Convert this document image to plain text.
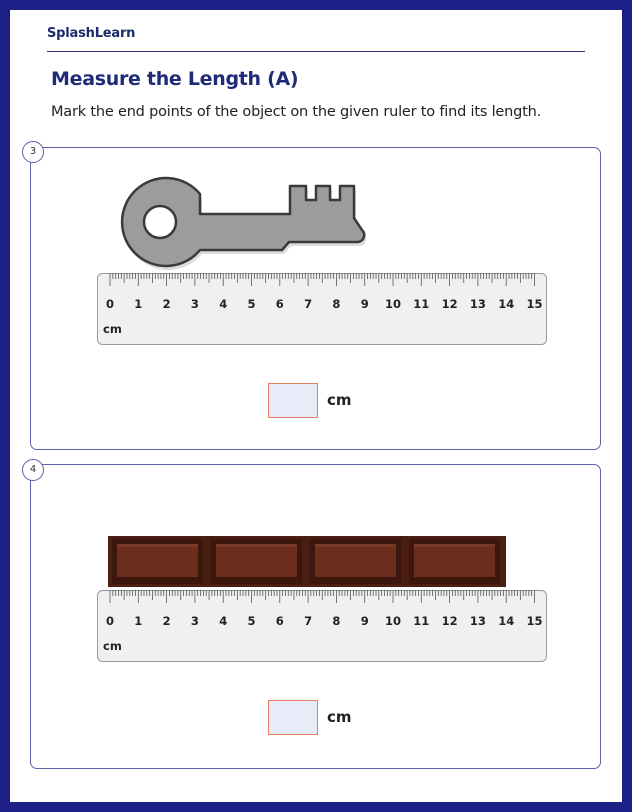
SplashLearn
Measure the Length (A)
Mark the end points of the object on the given ruler to find its length.
3
0 1 2 3 4 5 6 7 8 9 10 11 12 13 14 15
cm
cm
4
0 1 2 3 4 5 6 7 8 9 10 11 12 13 14 15
cm
cm
